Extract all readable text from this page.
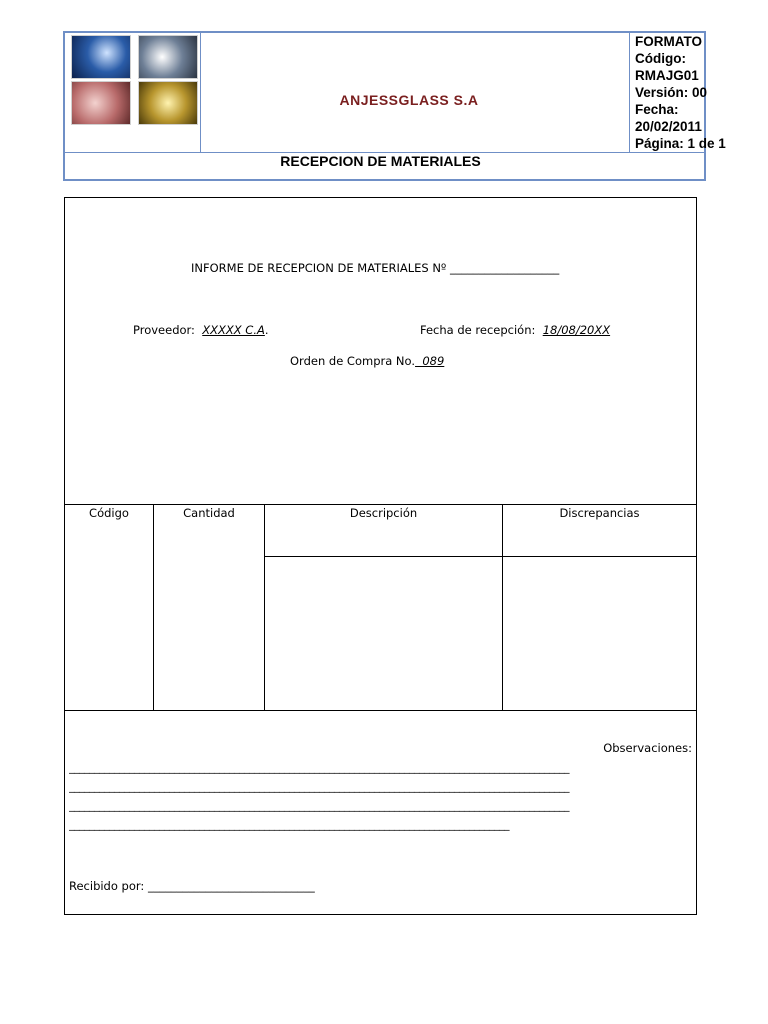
ANJESSGLASS S.A
FORMATO
Código:
RMAJG01
Versión: 00
Fecha:
20/02/2011
Página: 1 de 1
RECEPCION DE MATERIALES
INFORME DE RECEPCION DE MATERIALES Nº ___________________
Proveedor: XXXXX C.A.	Fecha de recepción: 18/08/20XX
Orden de Compra No.  089
Código	Cantidad	Descripción	Discrepancias
Observaciones:
____________________________________________________________________________________________________
____________________________________________________________________________________________________
____________________________________________________________________________________________________
________________________________________________________________________________________
Recibido por: _____________________________
